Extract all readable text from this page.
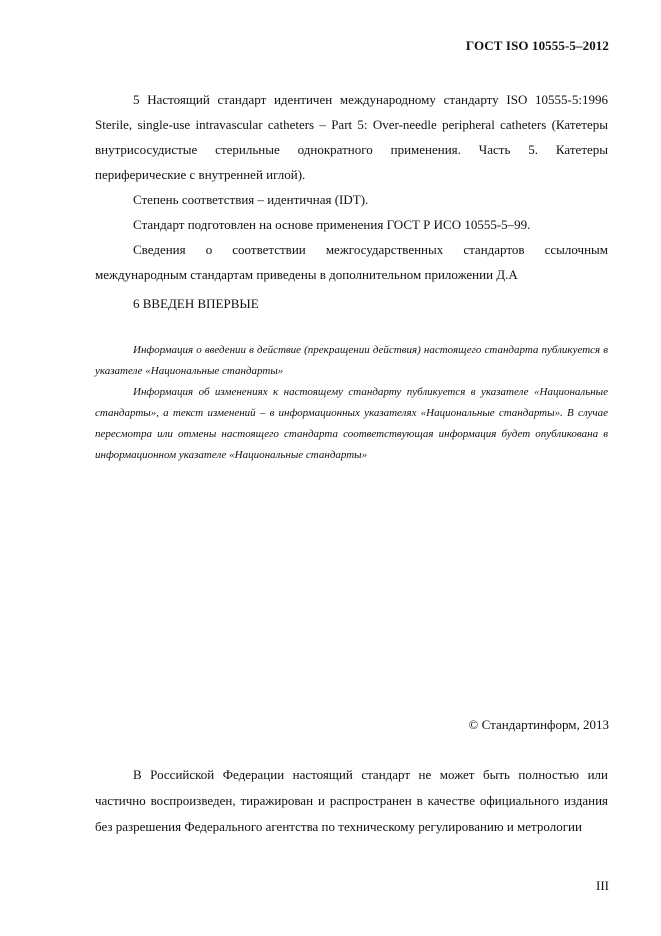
ГОСТ ISO 10555-5–2012

5 Настоящий стандарт идентичен международному стандарту ISO 10555-5:1996 Sterile, single-use intravascular catheters – Part 5: Over-needle peripheral catheters (Катетеры внутрисосудистые стерильные однократного применения. Часть 5. Катетеры периферические с внутренней иглой).

Степень соответствия – идентичная (IDT).

Стандарт подготовлен на основе применения ГОСТ Р ИСО 10555-5–99.

Сведения о соответствии межгосударственных стандартов ссылочным международным стандартам приведены в дополнительном приложении Д.А

6 ВВЕДЕН ВПЕРВЫЕ

Информация о введении в действие (прекращении действия) настоящего стандарта публикуется в указателе «Национальные стандарты»

Информация об изменениях к настоящему стандарту публикуется в указателе «Национальные стандарты», а текст изменений – в информационных указателях «Национальные стандарты». В случае пересмотра или отмены настоящего стандарта соответствующая информация будет опубликована в информационном указателе «Национальные стандарты»

© Стандартинформ, 2013

В Российской Федерации настоящий стандарт не может быть полностью или частично воспроизведен, тиражирован и распространен в качестве официального издания без разрешения Федерального агентства по техническому регулированию и метрологии

III
